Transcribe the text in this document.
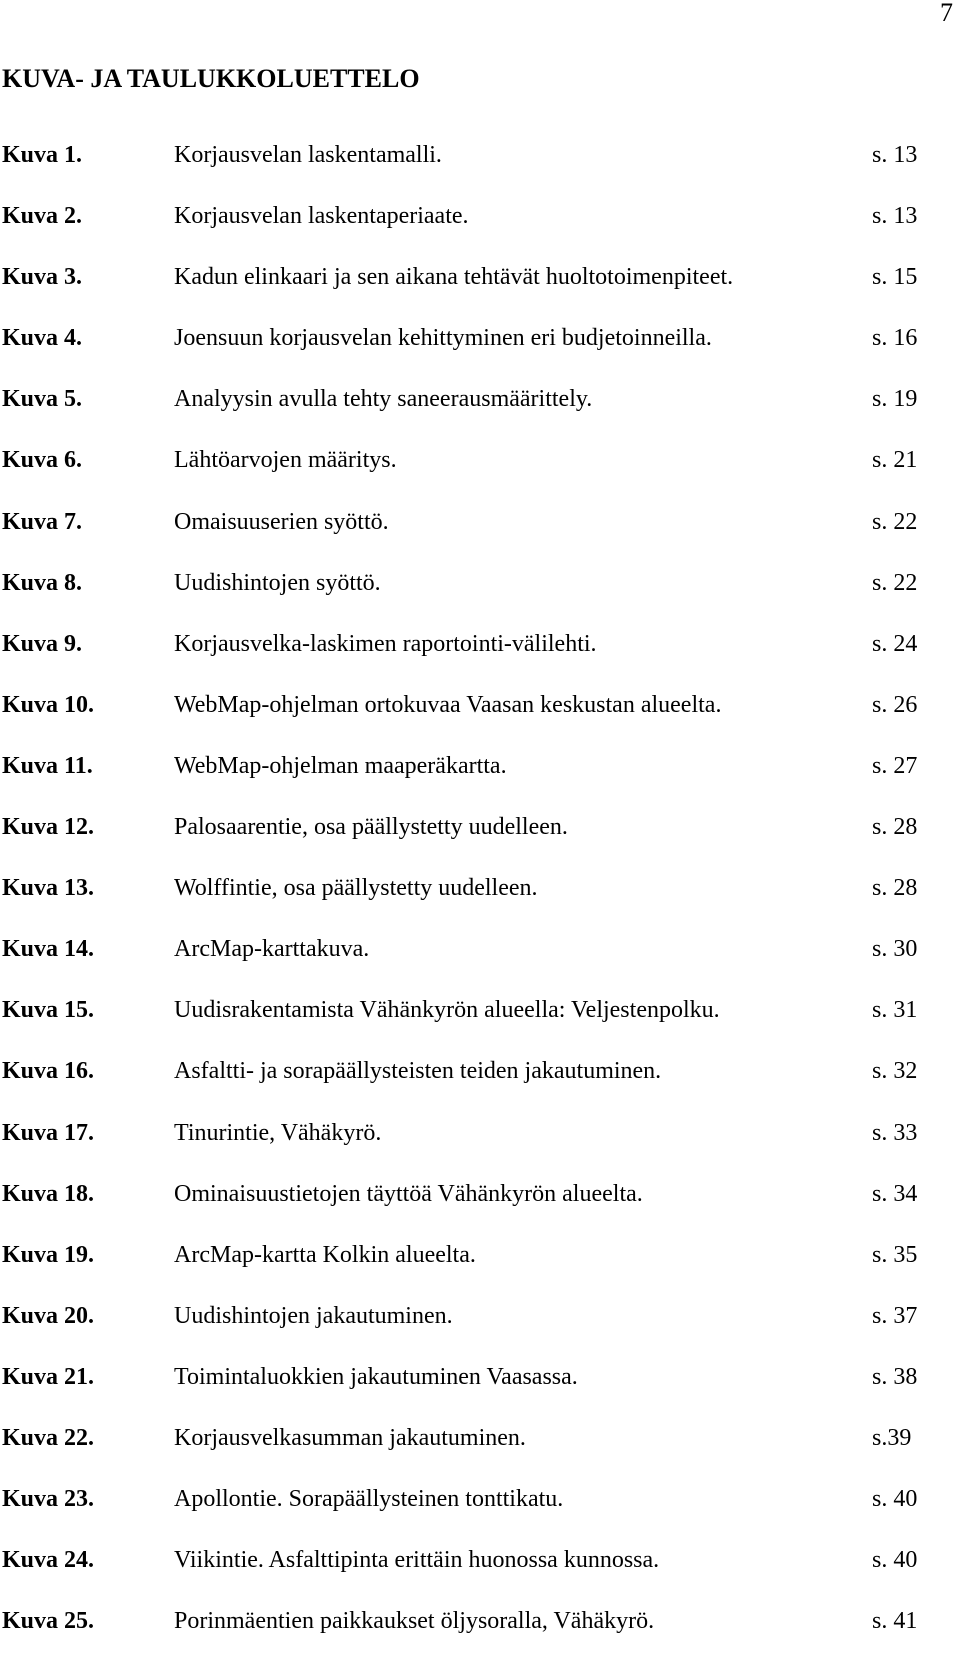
7
KUVA- JA TAULUKKOLUETTELO
Kuva 1.	Korjausvelan laskentamalli.	s. 13
Kuva 2.	Korjausvelan laskentaperiaate.	s. 13
Kuva 3.	Kadun elinkaari ja sen aikana tehtävät huoltotoimenpiteet.	s. 15
Kuva 4.	Joensuun korjausvelan kehittyminen eri budjetoinneilla.	s. 16
Kuva 5.	Analyysin avulla tehty saneerausmäärittely.	s. 19
Kuva 6.	Lähtöarvojen määritys.	s. 21
Kuva 7.	Omaisuuserien syöttö.	s. 22
Kuva 8.	Uudishintojen syöttö.	s. 22
Kuva 9.	Korjausvelka-laskimen raportointi-välilehti.	s. 24
Kuva 10.	WebMap-ohjelman ortokuvaa Vaasan keskustan alueelta.	s. 26
Kuva 11.	WebMap-ohjelman maaperäkartta.	s. 27
Kuva 12.	Palosaarentie, osa päällystetty uudelleen.	s. 28
Kuva 13.	Wolffintie, osa päällystetty uudelleen.	s. 28
Kuva 14.	ArcMap-karttakuva.	s. 30
Kuva 15.	Uudisrakentamista Vähänkyrön alueella: Veljestenpolku.	s. 31
Kuva 16.	Asfaltti- ja sorapäällysteisten teiden jakautuminen.	s. 32
Kuva 17.	Tinurintie, Vähäkyrö.	s. 33
Kuva 18.	Ominaisuustietojen täyttöä Vähänkyrön alueelta.	s. 34
Kuva 19.	ArcMap-kartta Kolkin alueelta.	s. 35
Kuva 20.	Uudishintojen jakautuminen.	s. 37
Kuva 21.	Toimintaluokkien jakautuminen Vaasassa.	s. 38
Kuva 22.	Korjausvelkasumman jakautuminen.	s.39
Kuva 23.	Apollontie. Sorapäällysteinen tonttikatu.	s. 40
Kuva 24.	Viikintie. Asfalttipinta erittäin huonossa kunnossa.	s. 40
Kuva 25.	Porinmäentien paikkaukset öljysoralla, Vähäkyrö.	s. 41
